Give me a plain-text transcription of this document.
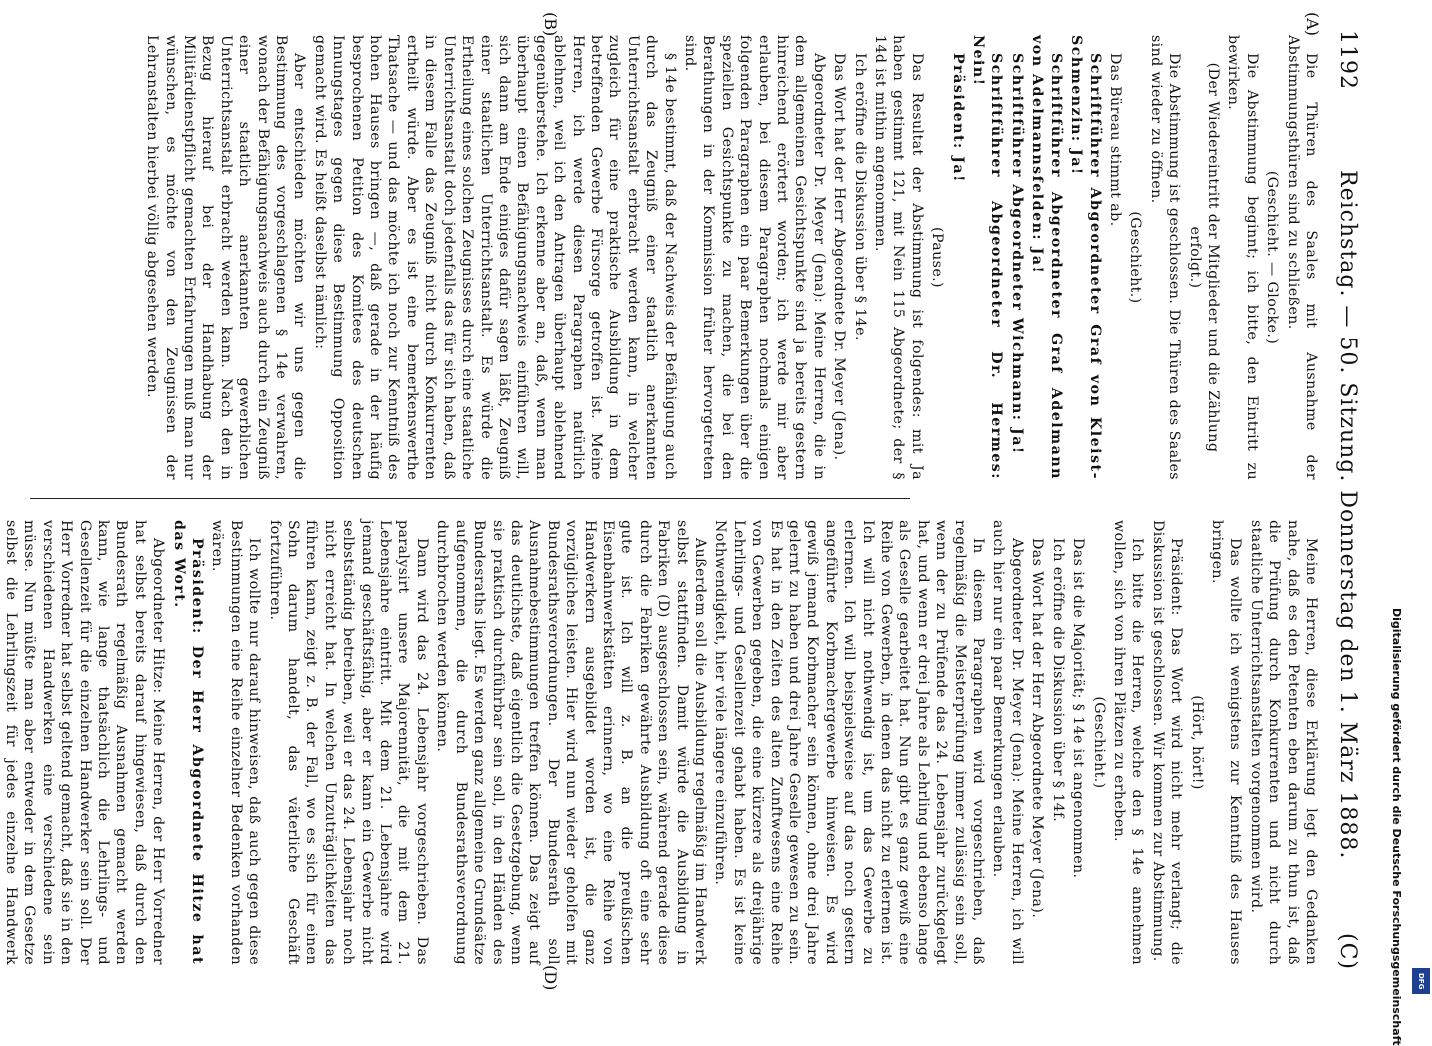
1192
Reichstag. — 50. Sitzung. Donnerstag den 1. März 1888.
(C)
(A)
(B)

Die Thüren des Saales mit Ausnahme der Abstimmungsthüren sind zu schließen.

(Geschieht. — Glocke.)

Die Abstimmung beginnt; ich bitte, den Eintritt zu bewirken.

(Der Wiedereintritt der Mitglieder und die Zählung erfolgt.)

Die Abstimmung ist geschlossen. Die Thüren des Saales sind wieder zu öffnen.

(Geschieht.)

Das Büreau stimmt ab.

Schriftführer Abgeordneter Graf von Kleist-Schmenzin: Ja!

Schriftführer Abgeordneter Graf Adelmann von Adelmannsfelden: Ja!

Schriftführer Abgeordneter Wichmann: Ja!

Schriftführer Abgeordneter Dr. Hermes: Nein!

Präsident: Ja!

(Pause.)

Das Resultat der Abstimmung ist folgendes: mit Ja haben gestimmt 121, mit Nein 115 Abgeordnete; der § 14d ist mithin angenommen.

Ich eröffne die Diskussion über § 14e.

Das Wort hat der Herr Abgeordnete Dr. Meyer (Jena).

Abgeordneter Dr. Meyer (Jena): Meine Herren, die in dem allgemeinen Gesichtspunkte sind ja bereits gestern hinreichend erörtert worden; ich werde mir aber erlauben, bei diesem Paragraphen nochmals einigen folgenden Paragraphen ein paar Bemerkungen über die speziellen Gesichtspunkte zu machen, die bei den Berathungen in der Kommission früher hervorgetreten sind.

§ 14e bestimmt, daß der Nachweis der Befähigung auch durch das Zeugniß einer staatlich anerkannten Unterrichtsanstalt erbracht werden kann, in welcher zugleich für eine praktische Ausbildung in dem betreffenden Gewerbe Fürsorge getroffen ist. Meine Herren, ich werde diesen Paragraphen natürlich ablehnen, weil ich den Antragen überhaupt ablehnend gegenüberstehe. Ich erkenne aber an, daß, wenn man überhaupt einen Befähigungsnachweis einführen will, sich dann am Ende einiges dafür sagen läßt, Zeugniß einer staatlichen Unterrichtsanstalt. Es würde die Ertheilung eines solchen Zeugnisses durch eine staatliche Unterrichtsanstalt doch jedenfalls das für sich haben, daß in diesem Falle das Zeugniß nicht durch Konkurrenten ertheilt würde. Aber es ist eine bemerkenswerthe Thatsache — und das möchte ich noch zur Kenntniß des hohen Hauses bringen —, daß gerade in der häufig besprochenen Petition des Komitees des deutschen Innungstages gegen diese Bestimmung Opposition gemacht wird. Es heißt daselbst nämlich:

Aber entschieden möchten wir uns gegen die Bestimmung des vorgeschlagenen § 14e verwahren, wonach der Befähigungsnachweis auch durch ein Zeugniß einer staatlich anerkannten gewerblichen Unterrichtsanstalt erbracht werden kann. Nach den in Bezug hierauf bei der Handhabung der Militärdienstpflicht gemachten Erfahrungen muß man nur wünschen, es möchte von den Zeugnissen der Lehranstalten hierbei völlig abgesehen werden.

(D)

Meine Herren, diese Erklärung legt den Gedanken nahe, daß es den Petenten eben darum zu thun ist, daß die Prüfung durch Konkurrenten und nicht durch staatliche Unterrichtsanstalten vorgenommen wird.

Das wollte ich wenigstens zur Kenntniß des Hauses bringen.

(Hört, hört!)

Präsident: Das Wort wird nicht mehr verlangt; die Diskussion ist geschlossen. Wir kommen zur Abstimmung.

Ich bitte die Herren, welche den § 14e annehmen wollen, sich von ihren Plätzen zu erheben.

(Geschieht.)

Das ist die Majorität; § 14e ist angenommen.

Ich eröffne die Diskussion über § 14f.

Das Wort hat der Herr Abgeordnete Meyer (Jena).

Abgeordneter Dr. Meyer (Jena): Meine Herren, ich will auch hier nur ein paar Bemerkungen erlauben.

In diesem Paragraphen wird vorgeschrieben, daß regelmäßig die Meisterprüfung immer zulässig sein soll, wenn der zu Prüfende das 24. Lebensjahr zurückgelegt hat, und wenn er drei Jahre als Lehrling und ebenso lange als Geselle gearbeitet hat. Nun gibt es ganz gewiß eine Reihe von Gewerben, in denen das nicht zu erlernen ist. Ich will nicht nothwendig ist, um das Gewerbe zu erlernen. Ich will beispielsweise auf das noch gestern angeführte Korbmachergewerbe hinweisen. Es wird gewiß jemand Korbmacher sein können, ohne drei Jahre gelernt zu haben und drei Jahre Geselle gewesen zu sein. Es hat in den Zeiten des alten Zunftwesens eine Reihe von Gewerben gegeben, die eine kürzere als dreijährige Lehrlings- und Gesellenzeit gehabt haben. Es ist keine Nothwendigkeit, hier viele längere einzuführen.

Außerdem soll die Ausbildung regelmäßig im Handwerk selbst stattfinden. Damit würde die Ausbildung in Fabriken (D) ausgeschlossen sein, während gerade diese durch die Fabriken gewährte Ausbildung oft eine sehr gute ist. Ich will z. B. an die preußischen Eisenbahnwerkstätten erinnern, wo eine Reihe von Handwerkern ausgebildet worden ist, die ganz vorzügliches leisten. Hier wird nun wieder geholfen mit Bundesrathsverordnungen. Der Bundesrath soll Ausnahmebestimmungen treffen können. Das zeigt auf das deutlichste, daß eigentlich die Gesetzgebung, wenn sie praktisch durchführbar sein soll, in den Händen des Bundesraths liegt. Es werden ganz allgemeine Grundsätze aufgenommen, die durch Bundesrathsverordnung durchbrochen werden können.

Dann wird das 24. Lebensjahr vorgeschrieben. Das paralysirt unsere Majorennität, die mit dem 21. Lebensjahre eintritt. Mit dem 21. Lebensjahre wird jemand geschäftsfähig, aber er kann ein Gewerbe nicht selbstständig betreiben, weil er das 24. Lebensjahr noch nicht erreicht hat. In welchen Unzuträglichkeiten das führen kann, zeigt z. B. der Fall, wo es sich für einen Sohn darum handelt, das väterliche Geschäft fortzuführen.

Ich wollte nur darauf hinweisen, daß auch gegen diese Bestimmungen eine Reihe einzelner Bedenken vorhanden wären.

Präsident: Der Herr Abgeordnete Hitze hat das Wort.

Abgeordneter Hitze: Meine Herren, der Herr Vorredner hat selbst bereits darauf hingewiesen, daß durch den Bundesrath regelmäßig Ausnahmen gemacht werden kann, wie lange thatsächlich die Lehrlings- und Gesellenzeit für die einzelnen Handwerker sein soll. Der Herr Vorredner hat selbst geltend gemacht, daß sie in den verschiedenen Handwerken eine verschiedene sein müsse. Nun müßte man aber entweder in dem Gesetze selbst die Lehrlingszeit für jedes einzelne Handwerk	Digitalisierung gefördert durch die Deutsche Forschungsgemeinschaft	DFG
